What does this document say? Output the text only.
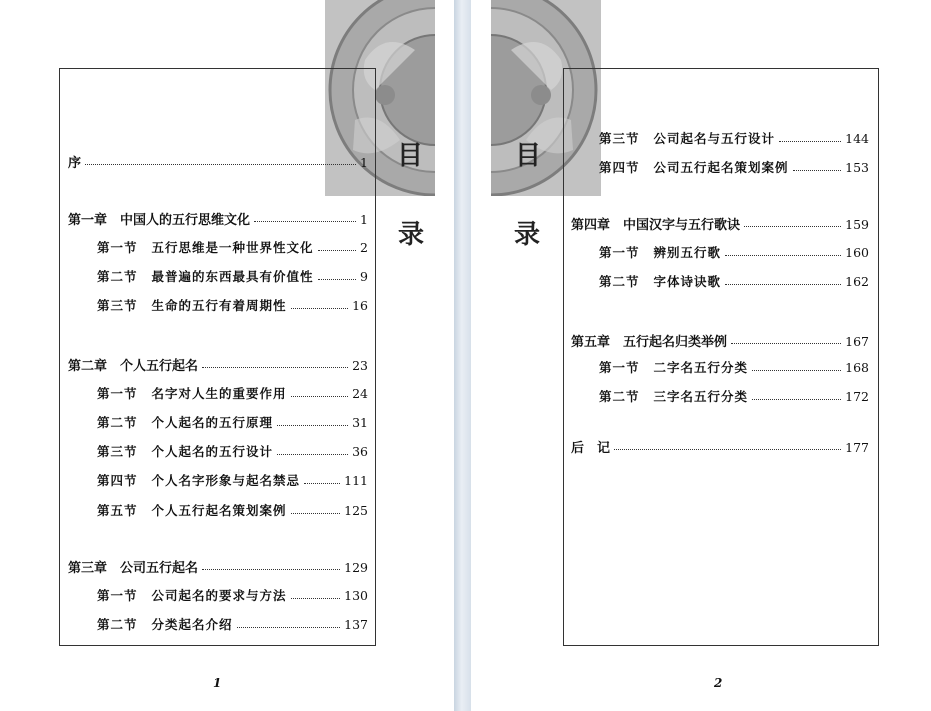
目
录
序	1
第一章　中国人的五行思维文化	1
第一节 五行思维是一种世界性文化	2
第二节 最普遍的东西最具有价值性	9
第三节 生命的五行有着周期性	16
第二章　个人五行起名	23
第一节 名字对人生的重要作用	24
第二节 个人起名的五行原理	31
第三节 个人起名的五行设计	36
第四节 个人名字形象与起名禁忌	111
第五节 个人五行起名策划案例	125
第三章　公司五行起名	129
第一节 公司起名的要求与方法	130
第二节 分类起名介绍	137
1
目
录
第三节 公司起名与五行设计	144
第四节 公司五行起名策划案例	153
第四章　中国汉字与五行歌诀	159
第一节 辨别五行歌	160
第二节 字体诗诀歌	162
第五章　五行起名归类举例	167
第一节 二字名五行分类	168
第二节 三字名五行分类	172
后　记	177
2
